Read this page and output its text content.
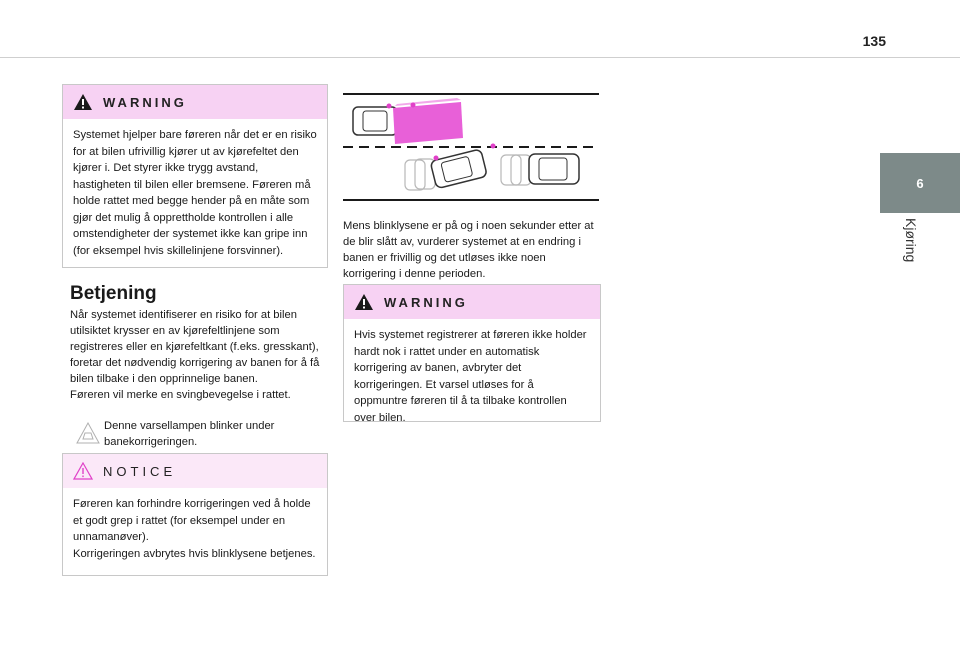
135
6
Kjøring
WARNING
Systemet hjelper bare føreren når det er en risiko for at bilen ufrivillig kjører ut av kjørefeltet den kjører i. Det styrer ikke trygg avstand, hastigheten til bilen eller bremsene. Føreren må holde rattet med begge hender på en måte som gjør det mulig å opprettholde kontrollen i alle omstendigheter der systemet ikke kan gripe inn (for eksempel hvis skillelinjene forsvinner).
Betjening

Når systemet identifiserer en risiko for at bilen utilsiktet krysser en av kjørefeltlinjene som registreres eller en kjørefeltkant (f.eks. gresskant), foretar det nødvendig korrigering av banen for å få bilen tilbake i den opprinnelige banen.

Føreren vil merke en svingbevegelse i rattet.

Denne varsellampen blinker under banekorrigeringen.
NOTICE

Føreren kan forhindre korrigeringen ved å holde et godt grep i rattet (for eksempel under en unnamanøver).

Korrigeringen avbrytes hvis blinklysene betjenes.

Mens blinklysene er på og i noen sekunder etter at de blir slått av, vurderer systemet at en endring i banen er frivillig og det utløses ikke noen korrigering i denne perioden.
WARNING
Hvis systemet registrerer at føreren ikke holder hardt nok i rattet under en automatisk korrigering av banen, avbryter det korrigeringen. Et varsel utløses for å oppmuntre føreren til å ta tilbake kontrollen over bilen.
